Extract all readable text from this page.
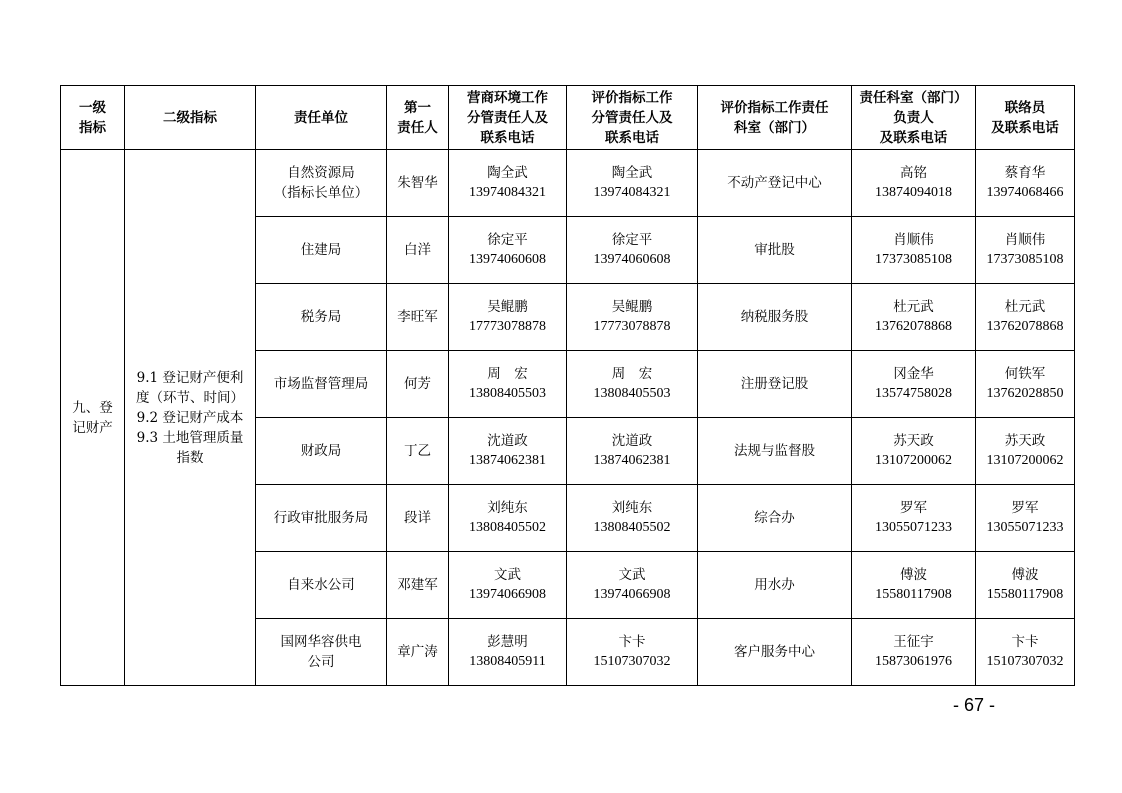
一级
指标	二级指标	责任单位	第一
责任人	营商环境工作
分管责任人及
联系电话	评价指标工作
分管责任人及
联系电话	评价指标工作责任
科室（部门）	责任科室（部门）
负责人
及联系电话	联络员
及联系电话

九、登
记财产	9.1 登记财产便利
度（环节、时间）
9.2 登记财产成本
9.3 土地管理质量
指数	自然资源局
（指标长单位）	朱智华	陶全武
13974084321	陶全武
13974084321	不动产登记中心	高铭
13874094018	蔡育华
13974068466

		住建局	白洋	徐定平
13974060608	徐定平
13974060608	审批股	肖顺伟
17373085108	肖顺伟
17373085108

		税务局	李旺军	吴鲲鹏
17773078878	吴鲲鹏
17773078878	纳税服务股	杜元武
13762078868	杜元武
13762078868

		市场监督管理局	何芳	周　宏
13808405503	周　宏
13808405503	注册登记股	冈金华
13574758028	何铁军
13762028850

		财政局	丁乙	沈道政
13874062381	沈道政
13874062381	法规与监督股	苏天政
13107200062	苏天政
13107200062

		行政审批服务局	段详	刘纯东
13808405502	刘纯东
13808405502	综合办	罗军
13055071233	罗军
13055071233

		自来水公司	邓建军	文武
13974066908	文武
13974066908	用水办	傅波
15580117908	傅波
15580117908

		国网华容供电
公司	章广涛	彭慧明
13808405911	卞卡
15107307032	客户服务中心	王征宇
15873061976	卞卡
15107307032
- 67 -
